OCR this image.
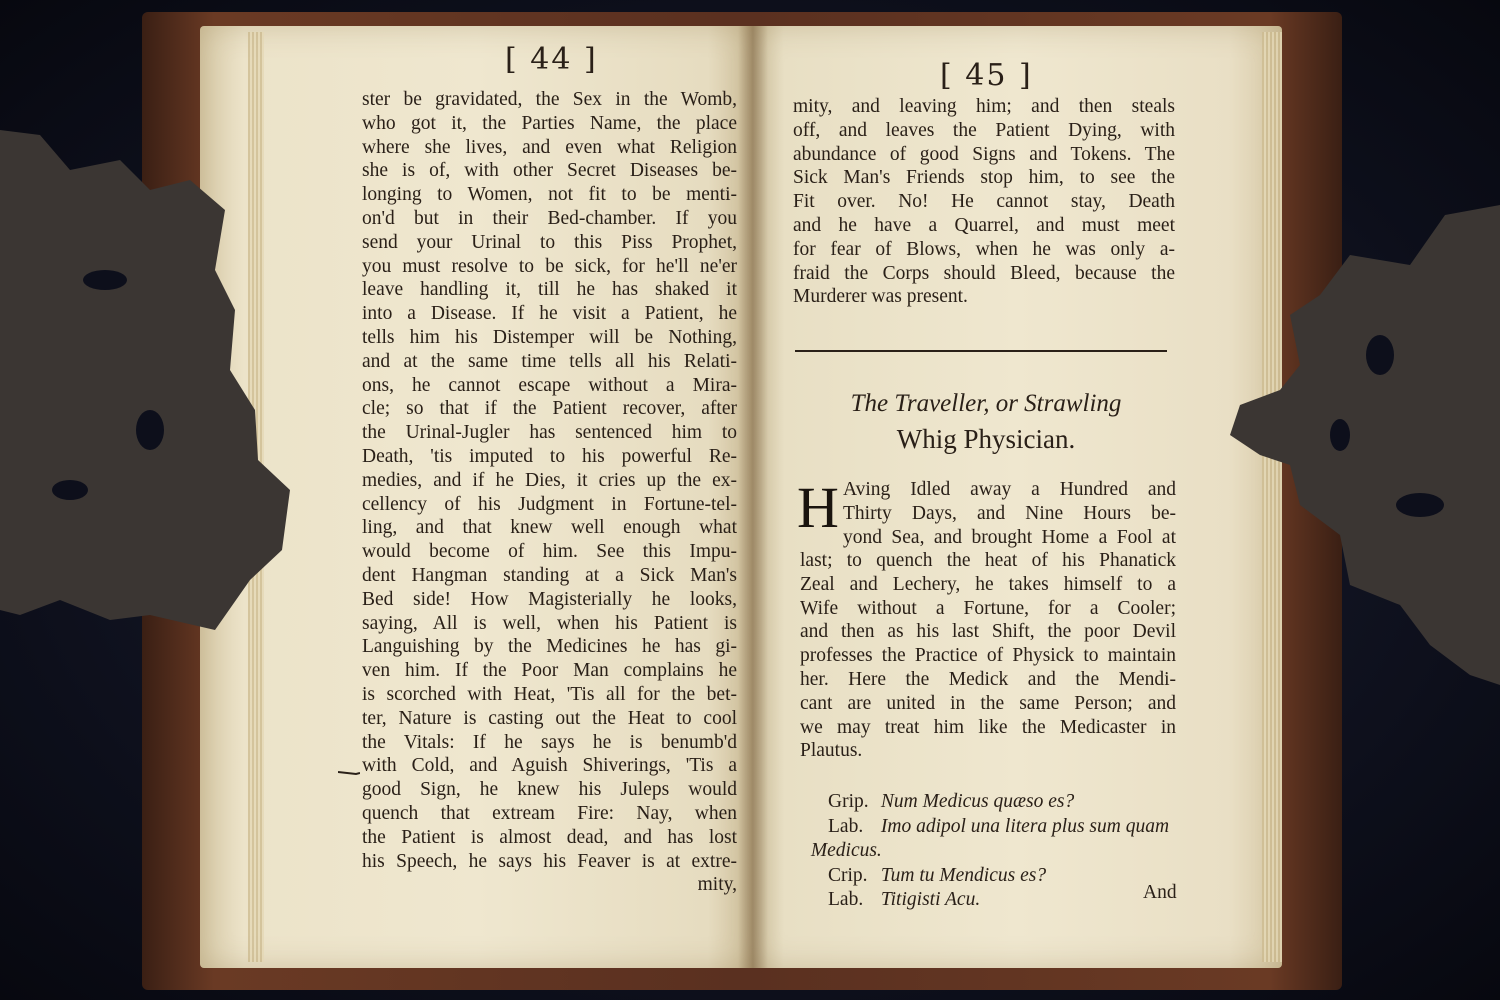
[ 44 ]	[ 45 ]
ster be gravidated, the Sex in the Womb,
who got it, the Parties Name, the place
where she lives, and even what Religion
she is of, with other Secret Diseases be-
longing to Women, not fit to be menti-
on'd but in their Bed-chamber. If you
send your Urinal to this Piss Prophet,
you must resolve to be sick, for he'll ne'er
leave handling it, till he has shaked it
into a Disease. If he visit a Patient, he
tells him his Distemper will be Nothing,
and at the same time tells all his Relati-
ons, he cannot escape without a Mira-
cle; so that if the Patient recover, after
the Urinal-Jugler has sentenced him to
Death, 'tis imputed to his powerful Re-
medies, and if he Dies, it cries up the ex-
cellency of his Judgment in Fortune-tel-
ling, and that knew well enough what
would become of him. See this Impu-
dent Hangman standing at a Sick Man's
Bed side! How Magisterially he looks,
saying, All is well, when his Patient is
Languishing by the Medicines he has gi-
ven him. If the Poor Man complains he
is scorched with Heat, 'Tis all for the bet-
ter, Nature is casting out the Heat to cool
the Vitals: If he says he is benumb'd
with Cold, and Aguish Shiverings, 'Tis a
good Sign, he knew his Juleps would
quench that extream Fire: Nay, when
the Patient is almost dead, and has lost
his Speech, he says his Feaver is at extre-
mity,
mity, and leaving him; and then steals
off, and leaves the Patient Dying, with
abundance of good Signs and Tokens. The
Sick Man's Friends stop him, to see the
Fit over. No! He cannot stay, Death
and he have a Quarrel, and must meet
for fear of Blows, when he was only a-
fraid the Corps should Bleed, because the
Murderer was present.
The Traveller, or Strawling
Whig Physician.
H Aving Idled away a Hundred and
Thirty Days, and Nine Hours be-
yond Sea, and brought Home a Fool at
last; to quench the heat of his Phanatick
Zeal and Lechery, he takes himself to a
Wife without a Fortune, for a Cooler;
and then as his last Shift, the poor Devil
professes the Practice of Physick to maintain
her. Here the Medick and the Mendi-
cant are united in the same Person; and
we may treat him like the Medicaster in
Plautus.
Grip. Num Medicus quæso es?
Lab. Imo adipol una litera plus sum quam
Medicus.
Crip. Tum tu Mendicus es?
Lab. Titigisti Acu.	And
